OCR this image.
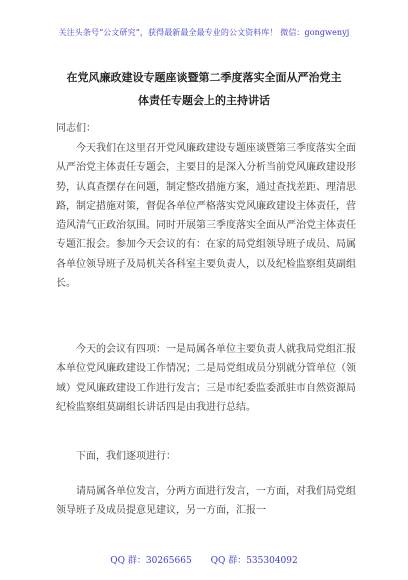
关注头条号“公文研究”，获得最新最全最专业的公文资料库！ 微信：gongwenyj
在党风廉政建设专题座谈暨第二季度落实全面从严治党主
体责任专题会上的主持讲话
同志们：
今天我们在这里召开党风廉政建设专题座谈暨第三季度落实全面从严治党主体责任专题会，主要目的是深入分析当前党风廉政建设形势，认真查摆存在问题，制定整改措施方案，通过查找差距、理清思路，制定措施对策，督促各单位严格落实党风廉政建设主体责任，营造风清气正政治氛围。同时开展第三季度落实全面从严治党主体责任专题汇报会。参加今天会议的有：在家的局党组领导班子成员、局属各单位领导班子及局机关各科室主要负责人，以及纪检监察组莫副组长。
今天的会议有四项：一是局属各单位主要负责人就我局党组汇报本单位党风廉政建设工作情况；二是局党组成员分别就分管单位（领域）党风廉政建设工作进行发言；三是市纪委监委派驻市自然资源局纪检监察组莫副组长讲话四是由我进行总结。
下面，我们逐项进行：
请局属各单位发言，分两方面进行发言，一方面，对我们局党组领导班子及成员提意见建议，另一方面，汇报一
QQ 群：30265665 QQ 群：535304092
